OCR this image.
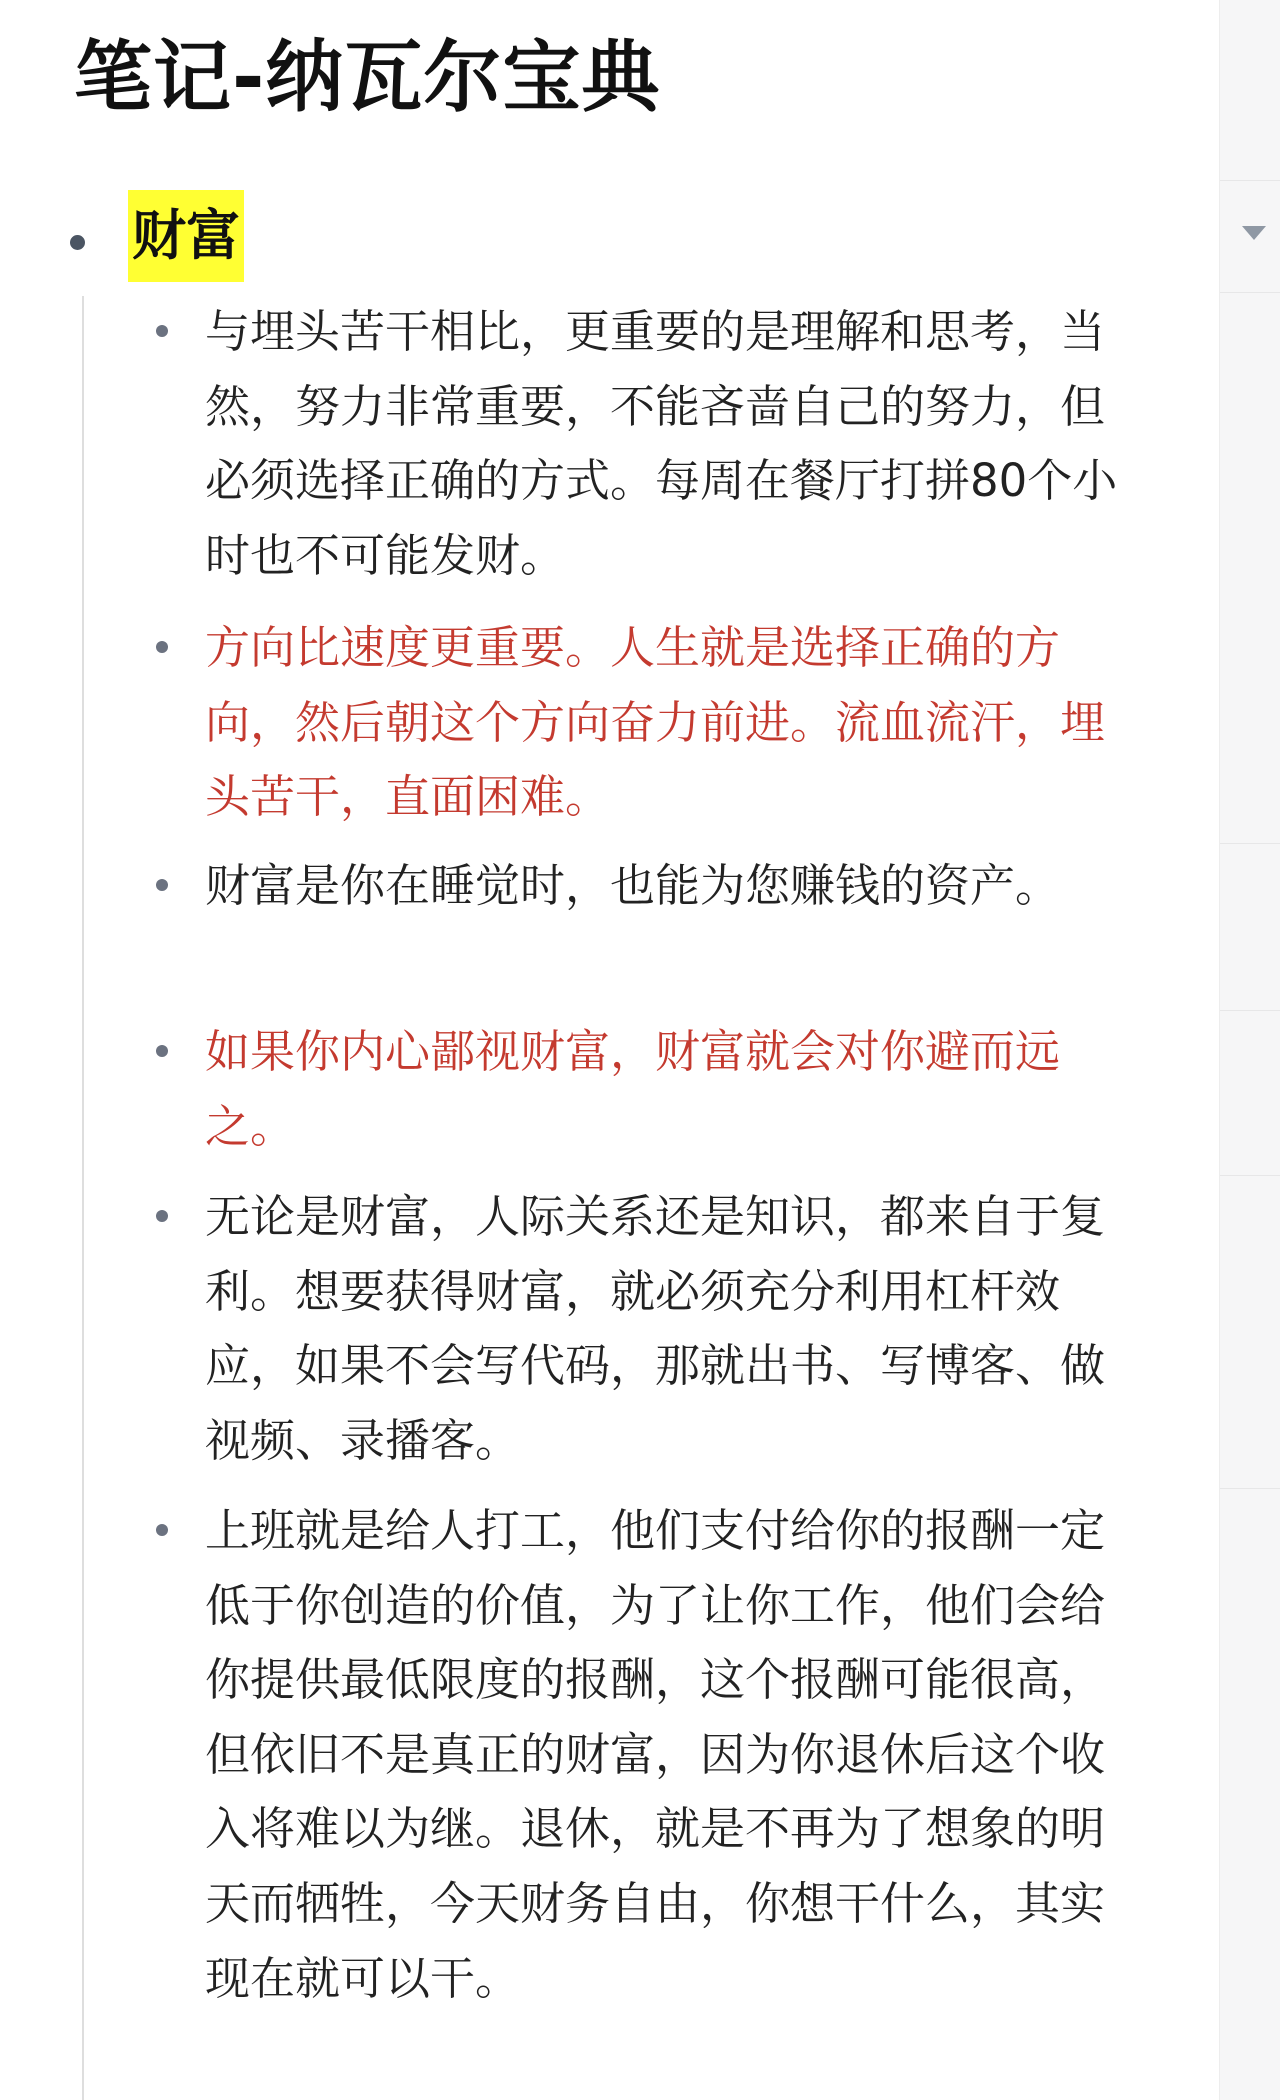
笔记-纳瓦尔宝典
财富
与埋头苦干相比，更重要的是理解和思考，当然，努力非常重要，不能吝啬自己的努力，但必须选择正确的方式。每周在餐厅打拼80个小时也不可能发财。
方向比速度更重要。人生就是选择正确的方向，然后朝这个方向奋力前进。流血流汗，埋头苦干，直面困难。
财富是你在睡觉时，也能为您赚钱的资产。
如果你内心鄙视财富，财富就会对你避而远之。
无论是财富，人际关系还是知识，都来自于复利。想要获得财富，就必须充分利用杠杆效应，如果不会写代码，那就出书、写博客、做视频、录播客。
上班就是给人打工，他们支付给你的报酬一定低于你创造的价值，为了让你工作，他们会给你提供最低限度的报酬，这个报酬可能很高，但依旧不是真正的财富，因为你退休后这个收入将难以为继。退休，就是不再为了想象的明天而牺牲，今天财务自由，你想干什么，其实现在就可以干。
